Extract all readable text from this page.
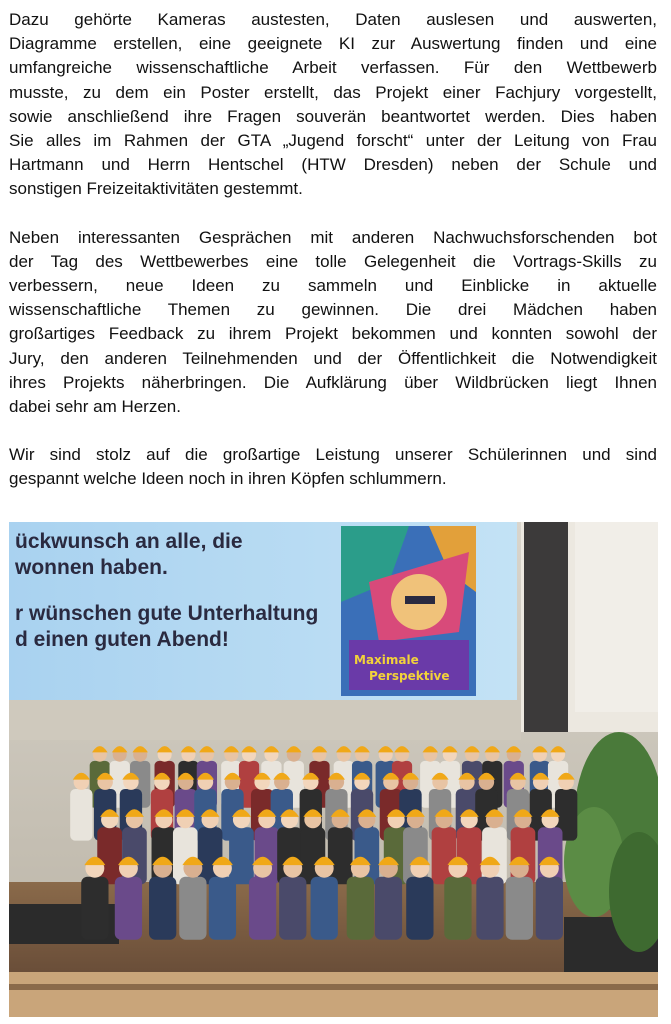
Dazu gehörte Kameras austesten, Daten auslesen und auswerten,
Diagramme erstellen, eine geeignete KI zur Auswertung finden und eine
umfangreiche wissenschaftliche Arbeit verfassen. Für den Wettbewerb
musste, zu dem ein Poster erstellt, das Projekt einer Fachjury vorgestellt,
sowie anschließend ihre Fragen souverän beantwortet werden. Dies haben
Sie alles im Rahmen der GTA „Jugend forscht“ unter der Leitung von Frau
Hartmann und Herrn Hentschel (HTW Dresden) neben der Schule und
sonstigen Freizeitaktivitäten gestemmt.

Neben interessanten Gesprächen mit anderen Nachwuchsforschenden bot
der Tag des Wettbewerbes eine tolle Gelegenheit die Vortrags-Skills zu
verbessern, neue Ideen zu sammeln und Einblicke in aktuelle
wissenschaftliche Themen zu gewinnen. Die drei Mädchen haben
großartiges Feedback zu ihrem Projekt bekommen und konnten sowohl der
Jury, den anderen Teilnehmenden und der Öffentlichkeit die Notwendigkeit
ihres Projekts näherbringen. Die Aufklärung über Wildbrücken liegt Ihnen
dabei sehr am Herzen.

Wir sind stolz auf die großartige Leistung unserer Schülerinnen und sind
gespannt welche Ideen noch in ihren Köpfen schlummern.

ückwunsch an alle, die
wonnen haben.
r wünschen gute Unterhaltung
d einen guten Abend!
Maximale
Perspektive
